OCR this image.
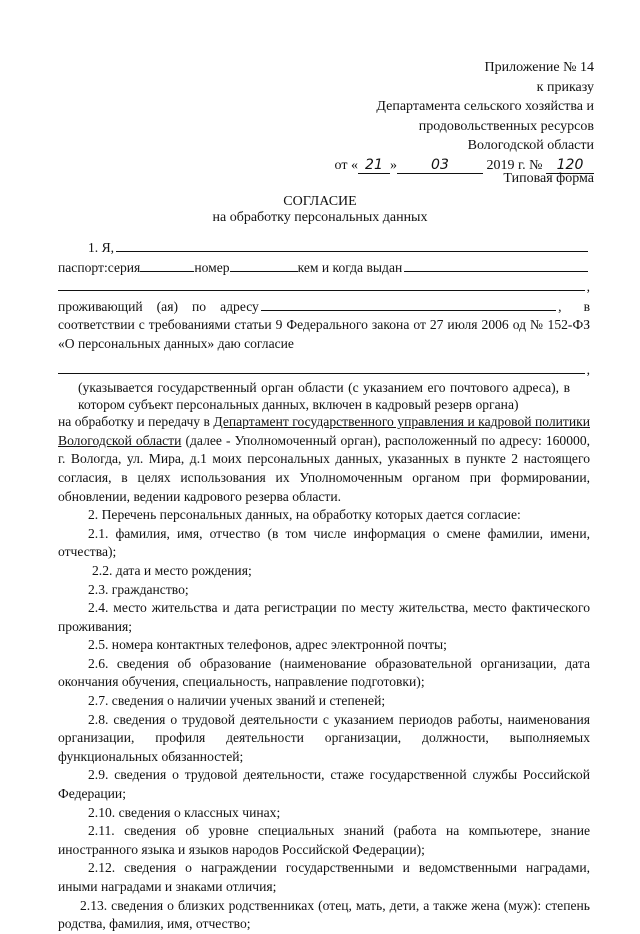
Приложение № 14
к приказу
Департамента сельского хозяйства и
продовольственных ресурсов
Вологодской области
от « 21 » 03	2019 г. № 120
Типовая форма
СОГЛАСИЕ
на обработку персональных данных
1. Я,
паспорт:серия	номер	кем и когда выдан
,
проживающий (ая) по адресу	, в

соответствии с требованиями статьи 9 Федерального закона от 27 июля 2006 од № 152-ФЗ «О персональных данных» даю согласие

,

(указывается государственный орган области (с указанием его почтового адреса), в котором субъект персональных данных, включен в кадровый резерв органа)

на обработку и передачу в Департамент государственного управления и кадровой политики Вологодской области (далее - Уполномоченный орган), расположенный по адресу: 160000, г. Вологда, ул. Мира, д.1 моих персональных данных, указанных в пункте 2 настоящего согласия, в целях использования их Уполномоченным органом при формировании, обновлении, ведении кадрового резерва области.

2. Перечень персональных данных, на обработку которых дается согласие:

2.1. фамилия, имя, отчество (в том числе информация о смене фамилии, имени, отчества);

2.2. дата и место рождения;

2.3. гражданство;

2.4. место жительства и дата регистрации по месту жительства, место фактического проживания;

2.5. номера контактных телефонов, адрес электронной почты;

2.6. сведения об образование (наименование образовательной организации, дата окончания обучения, специальность, направление подготовки);

2.7. сведения о наличии ученых званий и степеней;

2.8. сведения о трудовой деятельности с указанием периодов работы, наименования организации, профиля деятельности организации, должности, выполняемых функциональных обязанностей;

2.9. сведения о трудовой деятельности, стаже государственной службы Российской Федерации;

2.10. сведения о классных чинах;

2.11. сведения об уровне специальных знаний (работа на компьютере, знание иностранного языка и языков народов Российской Федерации);

2.12. сведения о награждении государственными и ведомственными наградами, иными наградами и знаками отличия;

2.13. сведения о близких родственниках (отец, мать, дети, а также жена (муж): степень родства, фамилия, имя, отчество;
